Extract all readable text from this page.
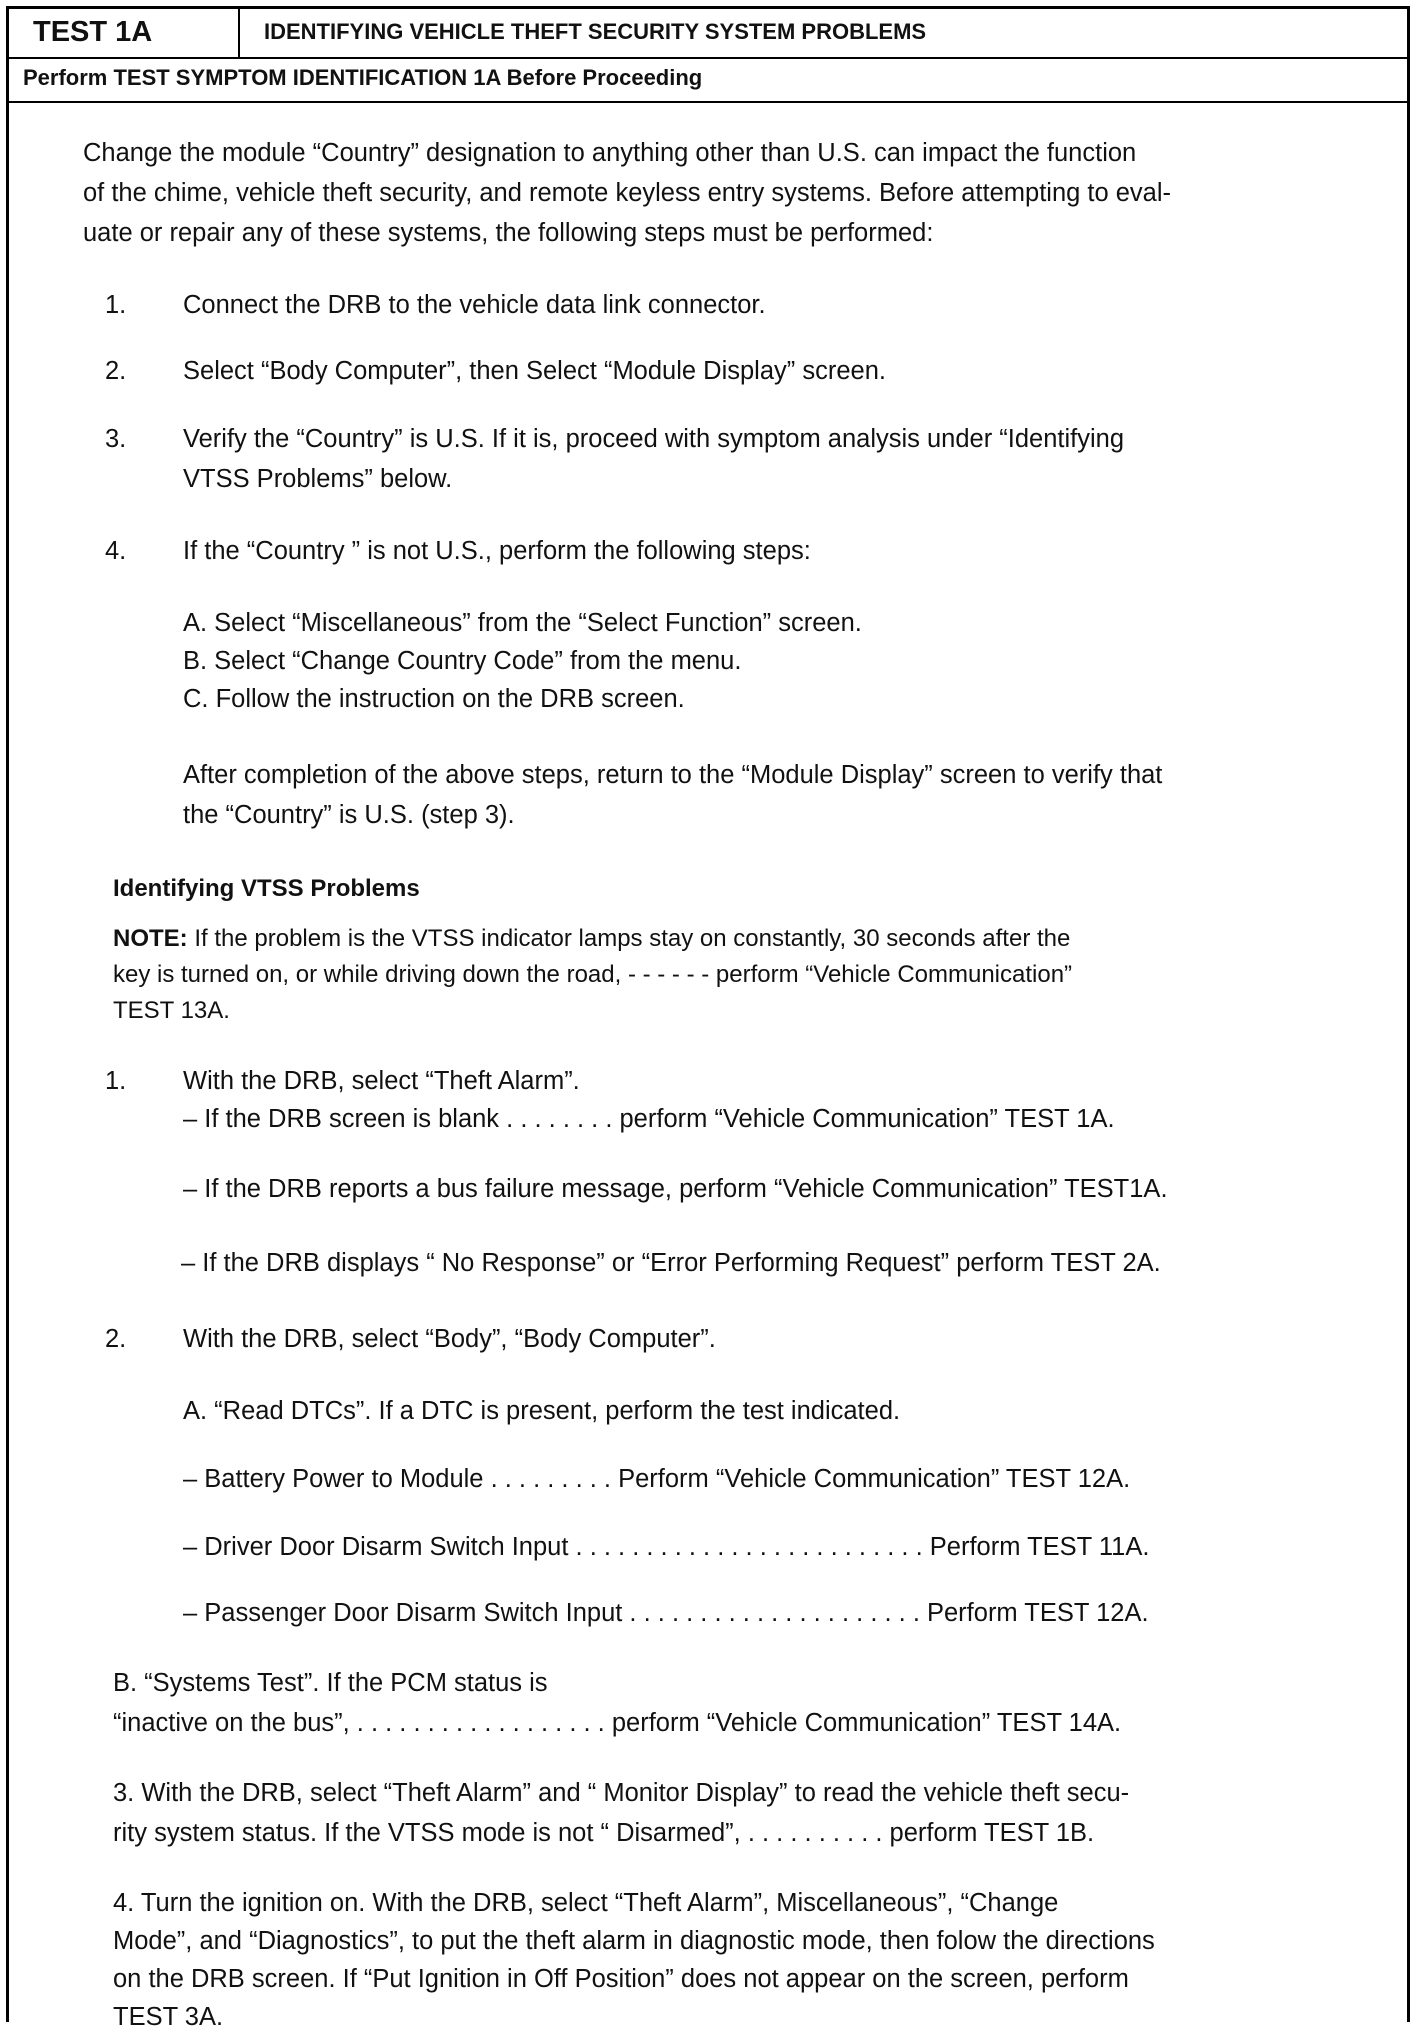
TEST 1A	IDENTIFYING VEHICLE THEFT SECURITY SYSTEM PROBLEMS
Perform TEST SYMPTOM IDENTIFICATION 1A Before Proceeding
Change the module “Country” designation to anything other than U.S. can impact the function
of the chime, vehicle theft security, and remote keyless entry systems. Before attempting to eval-
uate or repair any of these systems, the following steps must be performed:
1. Connect the DRB to the vehicle data link connector.
2. Select “Body Computer”, then Select “Module Display” screen.
3. Verify the “Country” is U.S. If it is, proceed with symptom analysis under “Identifying
VTSS Problems” below.
4. If the “Country ” is not U.S., perform the following steps:
A. Select “Miscellaneous” from the “Select Function” screen.
B. Select “Change Country Code” from the menu.
C. Follow the instruction on the DRB screen.
After completion of the above steps, return to the “Module Display” screen to verify that
the “Country” is U.S. (step 3).
Identifying VTSS Problems
NOTE: If the problem is the VTSS indicator lamps stay on constantly, 30 seconds after the
key is turned on, or while driving down the road, - - - - - - perform “Vehicle Communication”
TEST 13A.
1. With the DRB, select “Theft Alarm”.
– If the DRB screen is blank . . . . . . . . perform “Vehicle Communication” TEST 1A.
– If the DRB reports a bus failure message, perform “Vehicle Communication” TEST1A.
– If the DRB displays “ No Response” or “Error Performing Request” perform TEST 2A.
2. With the DRB, select “Body”, “Body Computer”.
A. “Read DTCs”. If a DTC is present, perform the test indicated.
– Battery Power to Module . . . . . . . . . Perform “Vehicle Communication” TEST 12A.
– Driver Door Disarm Switch Input . . . . . . . . . . . . . . . . . . . . . . . . . Perform TEST 11A.
– Passenger Door Disarm Switch Input . . . . . . . . . . . . . . . . . . . . . Perform TEST 12A.
B. “Systems Test”. If the PCM status is
“inactive on the bus”, . . . . . . . . . . . . . . . . . . perform “Vehicle Communication” TEST 14A.
3. With the DRB, select “Theft Alarm” and “ Monitor Display” to read the vehicle theft secu-
rity system status. If the VTSS mode is not “ Disarmed”, . . . . . . . . . . perform TEST 1B.
4. Turn the ignition on. With the DRB, select “Theft Alarm”, Miscellaneous”, “Change
Mode”, and “Diagnostics”, to put the theft alarm in diagnostic mode, then folow the directions
on the DRB screen. If “Put Ignition in Off Position” does not appear on the screen, perform
TEST 3A.
